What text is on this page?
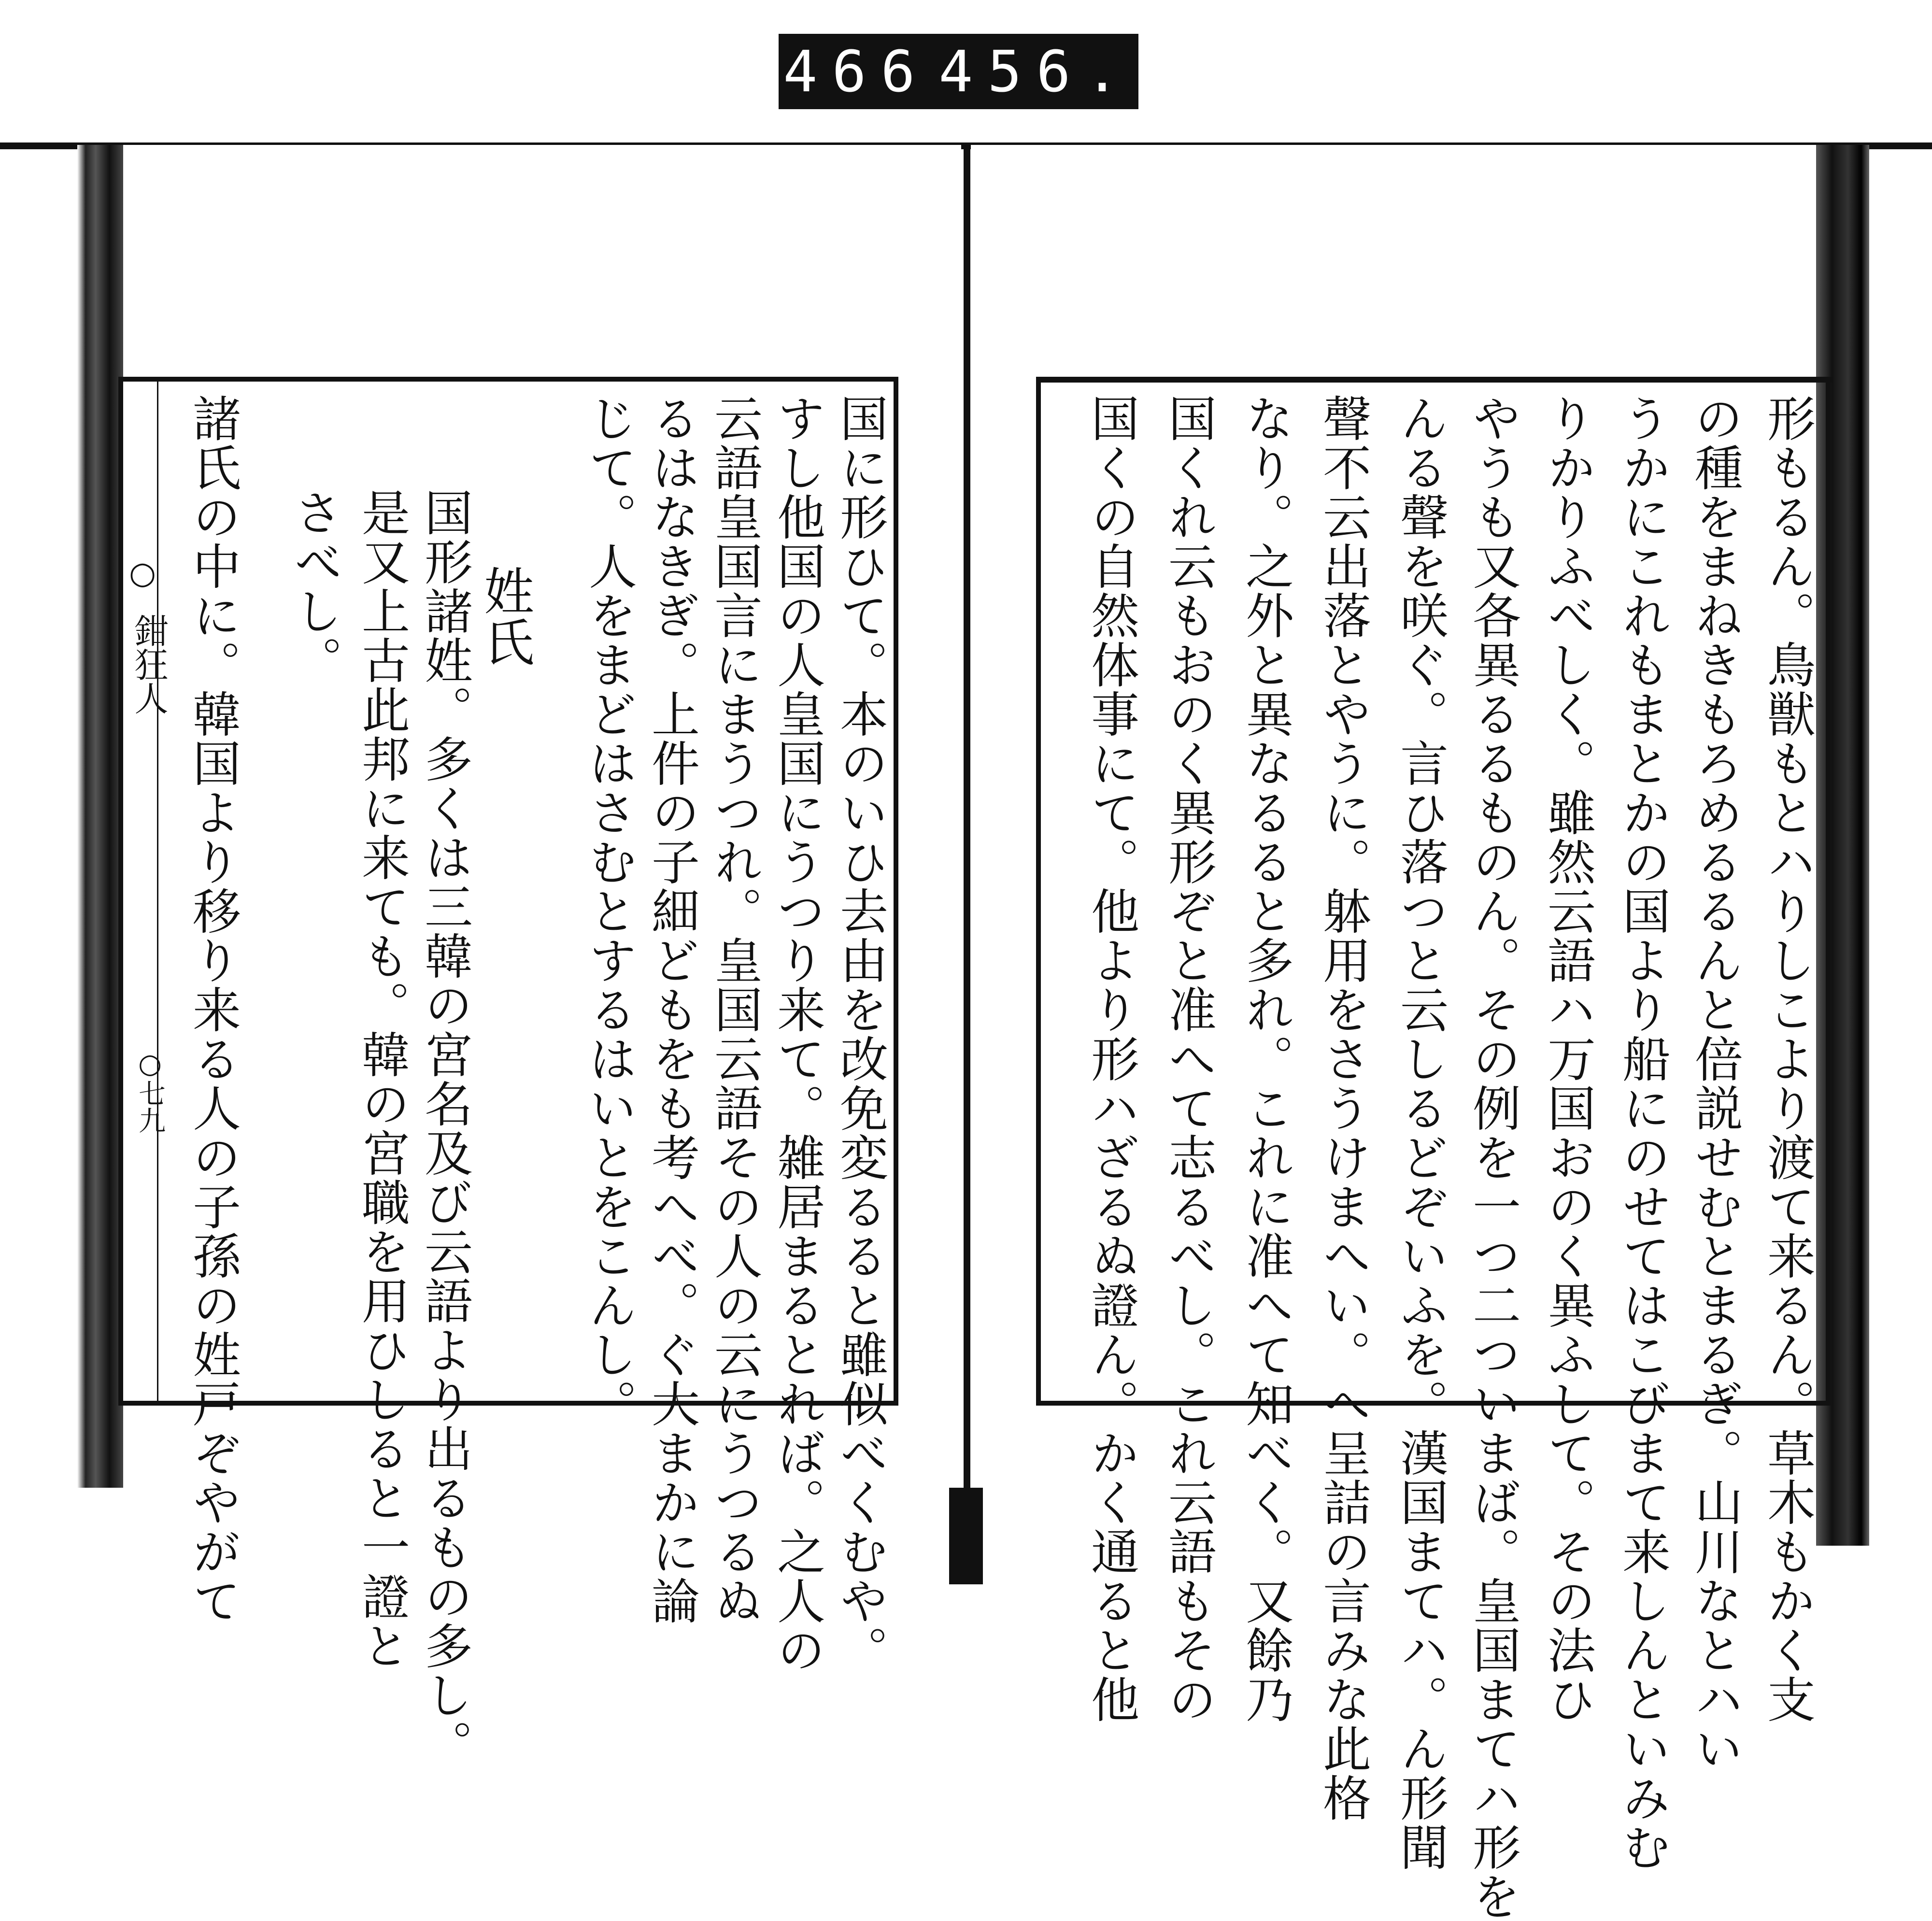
466 456.
○
鉗狂人
○七九	国に形ひて。本のいひ去由を改免変るると雖似べくむや。
すし他国の人皇国にうつり来て。雑居まるとれば。之人の
云語皇国言にまうつれ。皇国云語その人の云にうつるぬ
るはなきぎ。上件の子細どもをも考へべ。ぐ大まかに論
じて。人をまどはさむとするはいとをこんし。
姓氏
国形諸姓。多くは三韓の宮名及び云語より出るもの多し。
是又上古此邦に来ても。韓の宮職を用ひしると一證と
さべし。
諸氏の中に。韓国より移り来る人の子孫の姓戸ぞやがて	形もるん。鳥獣もとハりしこより渡て来るん。草木もかく支
の種をまねきもろめるるんと倍説せむとまるぎ。山川なとハい
うかにこれもまとかの国より船にのせてはこびまて来しんといみむ
りかりふべしく。雖然云語ハ万国おのく異ふして。その法ひ
やうも又各異るるものん。その例を一つ二ついまば。皇国まてハ形を
んる聲を咲ぐ。言ひ落つと云しるどぞいふを。漢国まてハ。ん形聞
聲不云出落とやうに。躰用をさうけまへい。へ呈詰の言みな此格
なり。之外と異なるると多れ。これに准へて知べく。又餘乃
国くれ云もおのく異形ぞと准へて志るべし。これ云語もその
国くの自然体事にて。他より形ハざるぬ證ん。かく通ると他
